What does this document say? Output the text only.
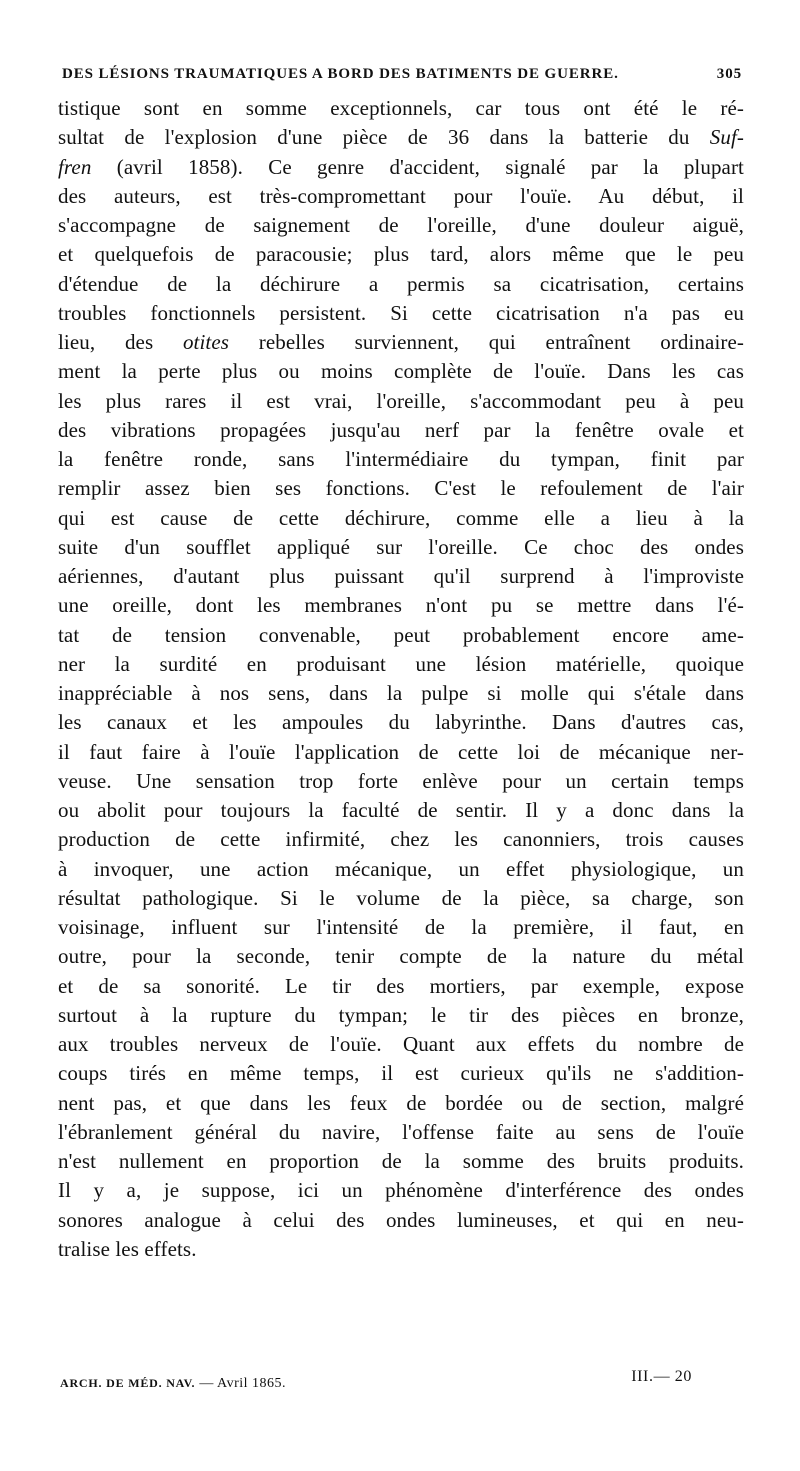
DES LÉSIONS TRAUMATIQUES A BORD DES BATIMENTS DE GUERRE.	305
tistique sont en somme exceptionnels, car tous ont été le ré-
sultat de l'explosion d'une pièce de 36 dans la batterie du Suf-
fren (avril 1858). Ce genre d'accident, signalé par la plupart
des auteurs, est très-compromettant pour l'ouïe. Au début, il
s'accompagne de saignement de l'oreille, d'une douleur aiguë,
et quelquefois de paracousie; plus tard, alors même que le peu
d'étendue de la déchirure a permis sa cicatrisation, certains
troubles fonctionnels persistent. Si cette cicatrisation n'a pas eu
lieu, des otites rebelles surviennent, qui entraînent ordinaire-
ment la perte plus ou moins complète de l'ouïe. Dans les cas
les plus rares il est vrai, l'oreille, s'accommodant peu à peu
des vibrations propagées jusqu'au nerf par la fenêtre ovale et
la fenêtre ronde, sans l'intermédiaire du tympan, finit par
remplir assez bien ses fonctions. C'est le refoulement de l'air
qui est cause de cette déchirure, comme elle a lieu à la
suite d'un soufflet appliqué sur l'oreille. Ce choc des ondes
aériennes, d'autant plus puissant qu'il surprend à l'improviste
une oreille, dont les membranes n'ont pu se mettre dans l'é-
tat de tension convenable, peut probablement encore ame-
ner la surdité en produisant une lésion matérielle, quoique
inappréciable à nos sens, dans la pulpe si molle qui s'étale dans
les canaux et les ampoules du labyrinthe. Dans d'autres cas,
il faut faire à l'ouïe l'application de cette loi de mécanique ner-
veuse. Une sensation trop forte enlève pour un certain temps
ou abolit pour toujours la faculté de sentir. Il y a donc dans la
production de cette infirmité, chez les canonniers, trois causes
à invoquer, une action mécanique, un effet physiologique, un
résultat pathologique. Si le volume de la pièce, sa charge, son
voisinage, influent sur l'intensité de la première, il faut, en
outre, pour la seconde, tenir compte de la nature du métal
et de sa sonorité. Le tir des mortiers, par exemple, expose
surtout à la rupture du tympan; le tir des pièces en bronze,
aux troubles nerveux de l'ouïe. Quant aux effets du nombre de
coups tirés en même temps, il est curieux qu'ils ne s'addition-
nent pas, et que dans les feux de bordée ou de section, malgré
l'ébranlement général du navire, l'offense faite au sens de l'ouïe
n'est nullement en proportion de la somme des bruits produits.
Il y a, je suppose, ici un phénomène d'interférence des ondes
sonores analogue à celui des ondes lumineuses, et qui en neu-
tralise les effets.
ARCH. DE MÉD. NAV. — Avril 1865.	III.— 20
